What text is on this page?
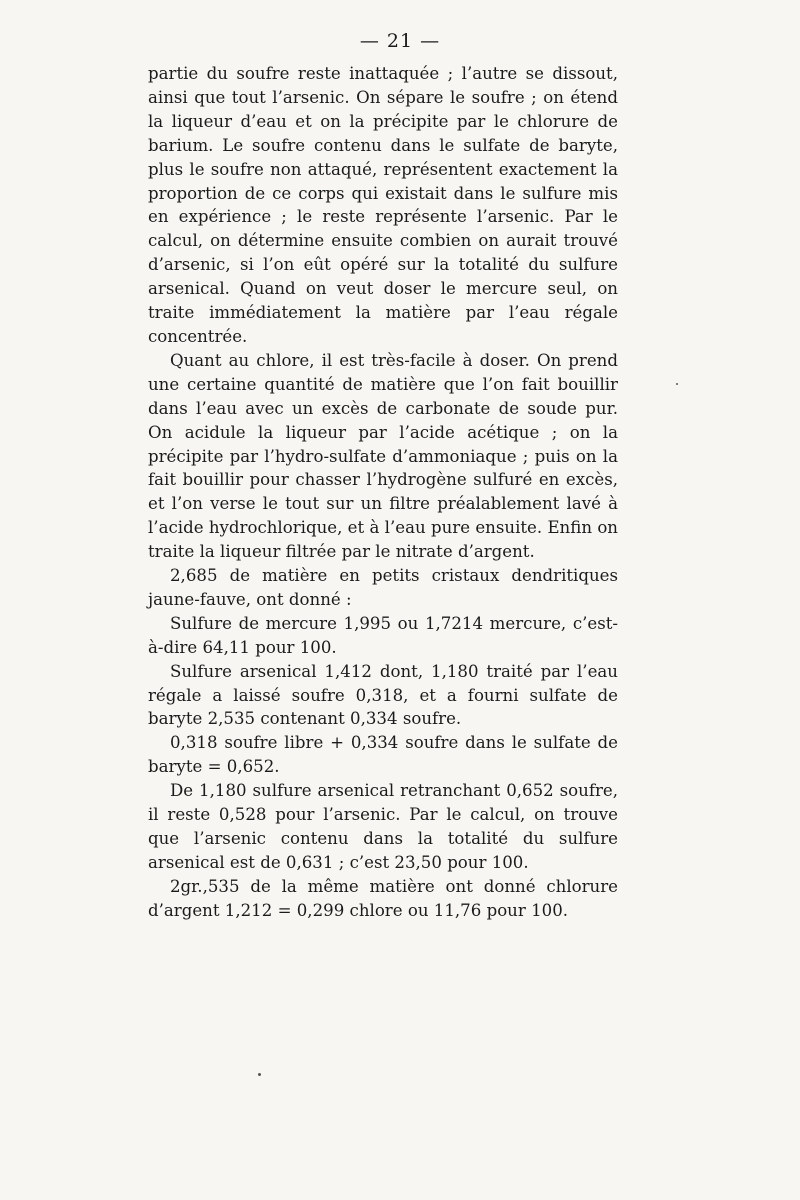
— 21 —

partie du soufre reste inattaquée ; l’autre se dissout, ainsi que tout l’arsenic. On sépare le soufre ; on étend la liqueur d’eau et on la précipite par le chlorure de barium. Le soufre contenu dans le sulfate de baryte, plus le soufre non attaqué, représentent exactement la proportion de ce corps qui existait dans le sulfure mis en expérience ; le reste représente l’arsenic. Par le calcul, on détermine ensuite combien on aurait trouvé d’arsenic, si l’on eût opéré sur la totalité du sulfure arsenical. Quand on veut doser le mercure seul, on traite immédiatement la matière par l’eau régale concentrée.

Quant au chlore, il est très-facile à doser. On prend une certaine quantité de matière que l’on fait bouillir dans l’eau avec un excès de carbonate de soude pur. On acidule la liqueur par l’acide acétique ; on la précipite par l’hydro-sulfate d’ammoniaque ; puis on la fait bouillir pour chasser l’hydrogène sulfuré en excès, et l’on verse le tout sur un filtre préalablement lavé à l’acide hydrochlorique, et à l’eau pure ensuite. Enfin on traite la liqueur filtrée par le nitrate d’argent.

2,685 de matière en petits cristaux dendritiques jaune-fauve, ont donné :

Sulfure de mercure 1,995 ou 1,7214 mercure, c’est-à-dire 64,11 pour 100.

Sulfure arsenical 1,412 dont, 1,180 traité par l’eau régale a laissé soufre 0,318, et a fourni sulfate de baryte 2,535 contenant 0,334 soufre.

0,318 soufre libre + 0,334 soufre dans le sulfate de baryte = 0,652.

De 1,180 sulfure arsenical retranchant 0,652 soufre, il reste 0,528 pour l’arsenic. Par le calcul, on trouve que l’arsenic contenu dans la totalité du sulfure arsenical est de 0,631 ; c’est 23,50 pour 100.

2gr.,535 de la même matière ont donné chlorure d’argent 1,212 = 0,299 chlore ou 11,76 pour 100.
